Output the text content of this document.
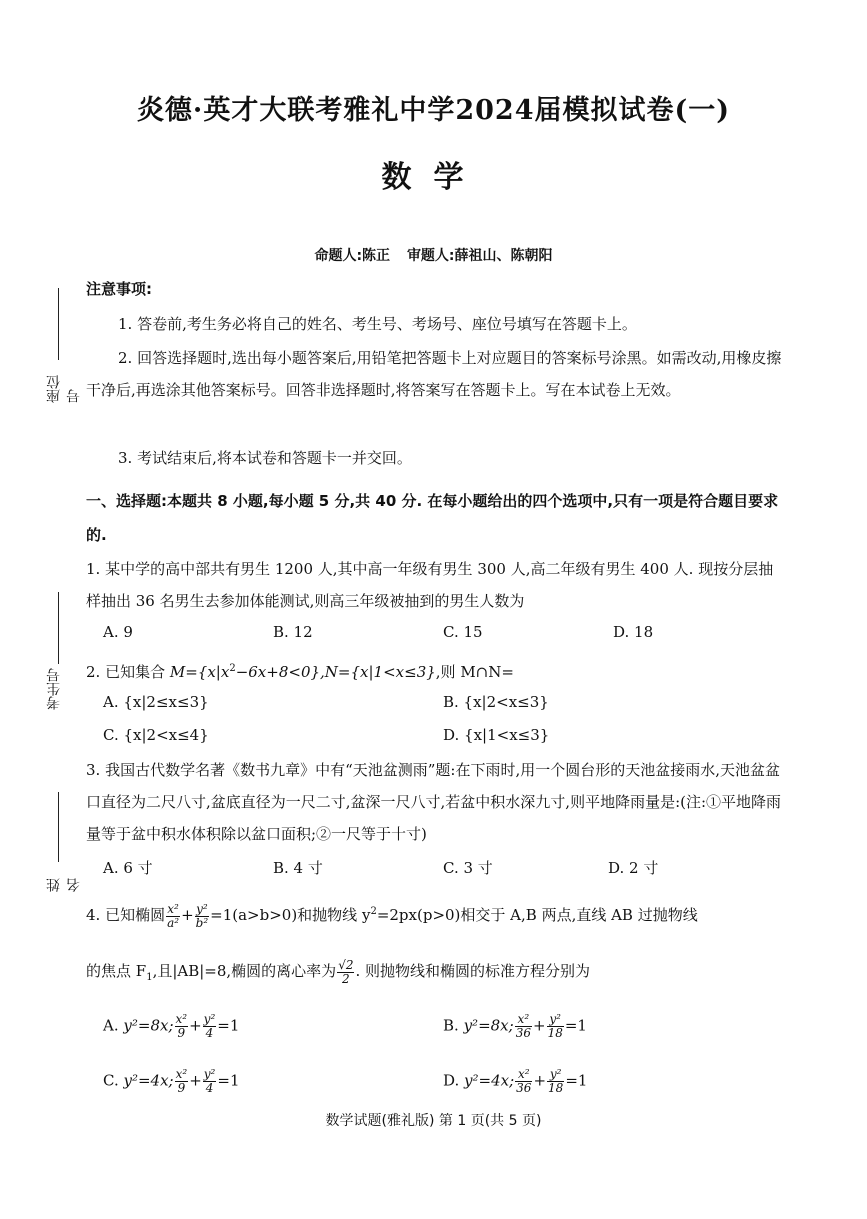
座位号
考生号
姓名
炎德·英才大联考雅礼中学2024届模拟试卷(一)
数学
命题人:陈正 审题人:薛祖山、陈朝阳
注意事项:
1. 答卷前,考生务必将自己的姓名、考生号、考场号、座位号填写在答题卡上。
2. 回答选择题时,选出每小题答案后,用铅笔把答题卡上对应题目的答案标号涂黑。如需改动,用橡皮擦干净后,再选涂其他答案标号。回答非选择题时,将答案写在答题卡上。写在本试卷上无效。
3. 考试结束后,将本试卷和答题卡一并交回。
一、选择题:本题共 8 小题,每小题 5 分,共 40 分. 在每小题给出的四个选项中,只有一项是符合题目要求的.
1. 某中学的高中部共有男生 1200 人,其中高一年级有男生 300 人,高二年级有男生 400 人. 现按分层抽样抽出 36 名男生去参加体能测试,则高三年级被抽到的男生人数为
A. 9	B. 12	C. 15	D. 18
2. 已知集合 $M=\{x|x^2-6x+8<0\},N=\{x|1<x\le 3\}$,则 M∩N=
A. {x|2≤x≤3}	B. {x|2<x≤3}
C. {x|2<x≤4}	D. {x|1<x≤3}
3. 我国古代数学名著《数书九章》中有“天池盆测雨”题:在下雨时,用一个圆台形的天池盆接雨水,天池盆盆口直径为二尺八寸,盆底直径为一尺二寸,盆深一尺八寸,若盆中积水深九寸,则平地降雨量是:(注:①平地降雨量等于盆中积水体积除以盆口面积;②一尺等于十寸)
A. 6 寸	B. 4 寸	C. 3 寸	D. 2 寸
4. 已知椭圆 $\frac{\text{x²}}{\text{a²}} + \frac{\text{y²}}{\text{b²}} =1(a>b>0)$和抛物线 $y^2=2px(p>0)$相交于 A,B 两点,直线 AB 过抛物线
的焦点 $F_1$,且|AB|=8,椭圆的离心率为 $\frac{√2}{2}$ . 则抛物线和椭圆的标准方程分别为
A. y²=8x; $\frac{\text{x²}}{9} + \frac{\text{y²}}{4} =1$	B. y²=8x; $\frac{\text{x²}}{36} + \frac{\text{y²}}{18} =1$
C. y²=4x; $\frac{\text{x²}}{9} + \frac{\text{y²}}{4} =1$	D. y²=4x; $\frac{\text{x²}}{36} + \frac{\text{y²}}{18} =1$
数学试题(雅礼版) 第 1 页(共 5 页)
